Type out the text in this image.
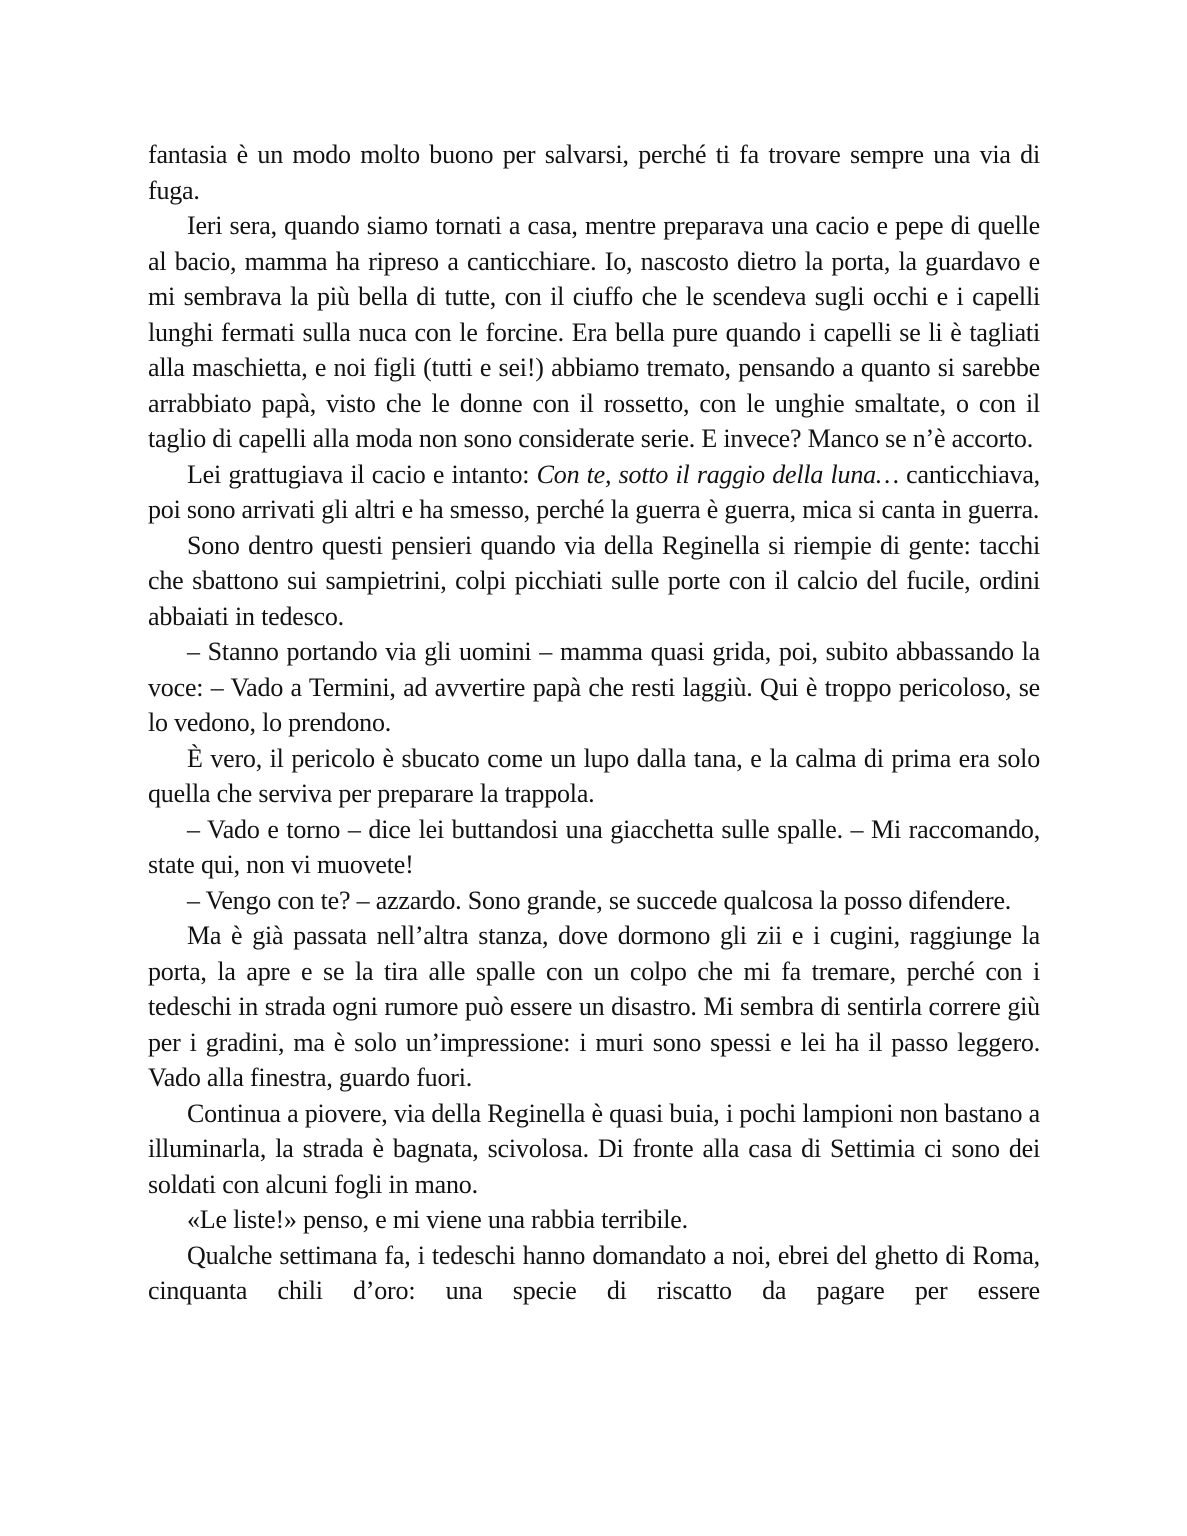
fantasia è un modo molto buono per salvarsi, perché ti fa trovare sempre una via di fuga.

Ieri sera, quando siamo tornati a casa, mentre preparava una cacio e pepe di quelle al bacio, mamma ha ripreso a canticchiare. Io, nascosto dietro la porta, la guardavo e mi sembrava la più bella di tutte, con il ciuffo che le scendeva sugli occhi e i capelli lunghi fermati sulla nuca con le forcine. Era bella pure quando i capelli se li è tagliati alla maschietta, e noi figli (tutti e sei!) abbiamo tremato, pensando a quanto si sarebbe arrabbiato papà, visto che le donne con il rossetto, con le unghie smaltate, o con il taglio di capelli alla moda non sono considerate serie. E invece? Manco se n’è accorto.

Lei grattugiava il cacio e intanto: Con te, sotto il raggio della luna… canticchiava, poi sono arrivati gli altri e ha smesso, perché la guerra è guerra, mica si canta in guerra.

Sono dentro questi pensieri quando via della Reginella si riempie di gente: tacchi che sbattono sui sampietrini, colpi picchiati sulle porte con il calcio del fucile, ordini abbaiati in tedesco.

– Stanno portando via gli uomini – mamma quasi grida, poi, subito abbassando la voce: – Vado a Termini, ad avvertire papà che resti laggiù. Qui è troppo pericoloso, se lo vedono, lo prendono.

È vero, il pericolo è sbucato come un lupo dalla tana, e la calma di prima era solo quella che serviva per preparare la trappola.

– Vado e torno – dice lei buttandosi una giacchetta sulle spalle. – Mi raccomando, state qui, non vi muovete!

– Vengo con te? – azzardo. Sono grande, se succede qualcosa la posso difendere.

Ma è già passata nell’altra stanza, dove dormono gli zii e i cugini, raggiunge la porta, la apre e se la tira alle spalle con un colpo che mi fa tremare, perché con i tedeschi in strada ogni rumore può essere un disastro. Mi sembra di sentirla correre giù per i gradini, ma è solo un’impressione: i muri sono spessi e lei ha il passo leggero. Vado alla finestra, guardo fuori.

Continua a piovere, via della Reginella è quasi buia, i pochi lampioni non bastano a illuminarla, la strada è bagnata, scivolosa. Di fronte alla casa di Settimia ci sono dei soldati con alcuni fogli in mano.

«Le liste!» penso, e mi viene una rabbia terribile.

Qualche settimana fa, i tedeschi hanno domandato a noi, ebrei del ghetto di Roma, cinquanta chili d’oro: una specie di riscatto da pagare per essere
